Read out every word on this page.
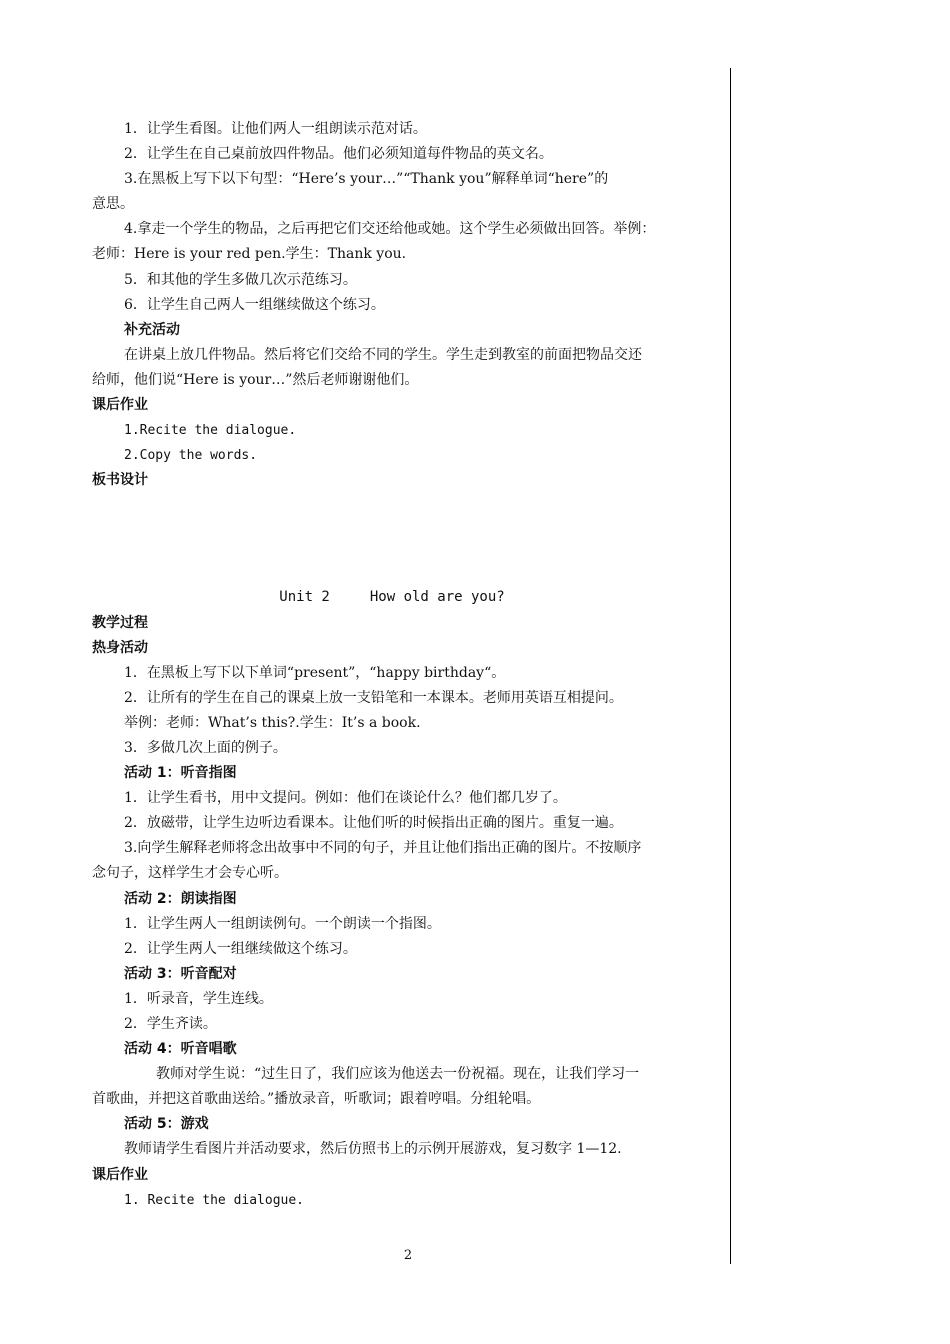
1．让学生看图。让他们两人一组朗读示范对话。
2．让学生在自己桌前放四件物品。他们必须知道每件物品的英文名。
3.在黑板上写下以下句型：“Here’s your…”“Thank you”解释单词“here”的
意思。
4.拿走一个学生的物品，之后再把它们交还给他或她。这个学生必须做出回答。举例：
老师：Here is your red pen.学生：Thank you.
5．和其他的学生多做几次示范练习。
6．让学生自己两人一组继续做这个练习。
补充活动
在讲桌上放几件物品。然后将它们交给不同的学生。学生走到教室的前面把物品交还
给师，他们说“Here is your…”然后老师谢谢他们。
课后作业
1.Recite the dialogue.
2.Copy the words.
板书设计
Unit 2	How old are you?
教学过程
热身活动
1．在黑板上写下以下单词“present”，“happy birthday“。
2．让所有的学生在自己的课桌上放一支铅笔和一本课本。老师用英语互相提问。
举例：老师：What’s this?.学生：It’s a book.
3．多做几次上面的例子。
活动 1：听音指图
1．让学生看书，用中文提问。例如：他们在谈论什么？他们都几岁了。
2．放磁带，让学生边听边看课本。让他们听的时候指出正确的图片。重复一遍。
3.向学生解释老师将念出故事中不同的句子，并且让他们指出正确的图片。不按顺序
念句子，这样学生才会专心听。
活动 2：朗读指图
1．让学生两人一组朗读例句。一个朗读一个指图。
2．让学生两人一组继续做这个练习。
活动 3：听音配对
1．听录音，学生连线。
2．学生齐读。
活动 4：听音唱歌
教师对学生说：“过生日了，我们应该为他送去一份祝福。现在，让我们学习一
首歌曲，并把这首歌曲送给。”播放录音，听歌词；跟着哼唱。分组轮唱。
活动 5：游戏
教师请学生看图片并活动要求，然后仿照书上的示例开展游戏，复习数字 1—12.
课后作业
1. Recite the dialogue.
2
